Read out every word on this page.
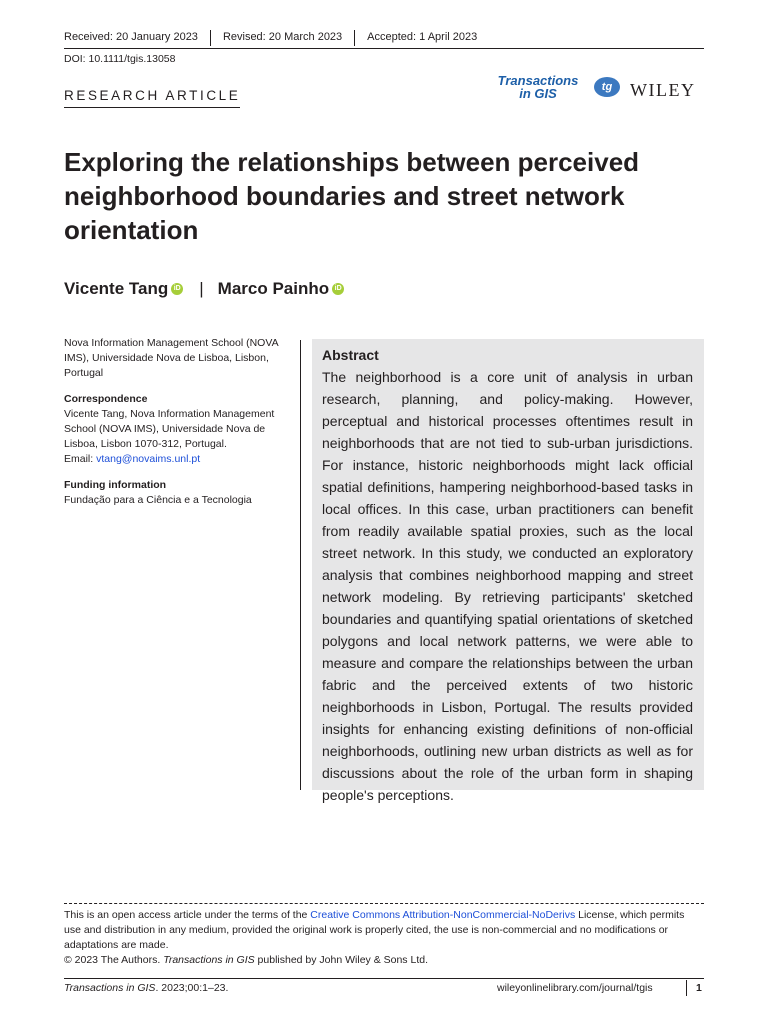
Received: 20 January 2023	Revised: 20 March 2023	Accepted: 1 April 2023
DOI: 10.1111/tgis.13058
RESEARCH ARTICLE
Transactions
in GIS	tg WILEY
Exploring the relationships between perceived neighborhood boundaries and street network orientation
Vicente Tang iD | Marco Painho iD

Nova Information Management School (NOVA IMS), Universidade Nova de Lisboa, Lisbon, Portugal

Correspondence
Vicente Tang, Nova Information Management School (NOVA IMS), Universidade Nova de Lisboa, Lisbon 1070-312, Portugal.
Email: vtang@novaims.unl.pt

Funding information
Fundação para a Ciência e a Tecnologia

Abstract
The neighborhood is a core unit of analysis in urban research, planning, and policy-making. However, perceptual and historical processes oftentimes result in neighborhoods that are not tied to sub-urban jurisdictions. For instance, historic neighborhoods might lack official spatial definitions, hampering neighborhood-based tasks in local offices. In this case, urban practitioners can benefit from readily available spatial proxies, such as the local street network. In this study, we conducted an exploratory analysis that combines neighborhood mapping and street network modeling. By retrieving participants' sketched boundaries and quantifying spatial orientations of sketched polygons and local network patterns, we were able to measure and compare the relationships between the urban fabric and the perceived extents of two historic neighborhoods in Lisbon, Portugal. The results provided insights for enhancing existing definitions of non-official neighborhoods, outlining new urban districts as well as for discussions about the role of the urban form in shaping people's perceptions.

This is an open access article under the terms of the Creative Commons Attribution-NonCommercial-NoDerivs License, which permits use and distribution in any medium, provided the original work is properly cited, the use is non-commercial and no modifications or adaptations are made.

© 2023 The Authors. Transactions in GIS published by John Wiley & Sons Ltd.

Transactions in GIS. 2023;00:1–23.	wileyonlinelibrary.com/journal/tgis	1
